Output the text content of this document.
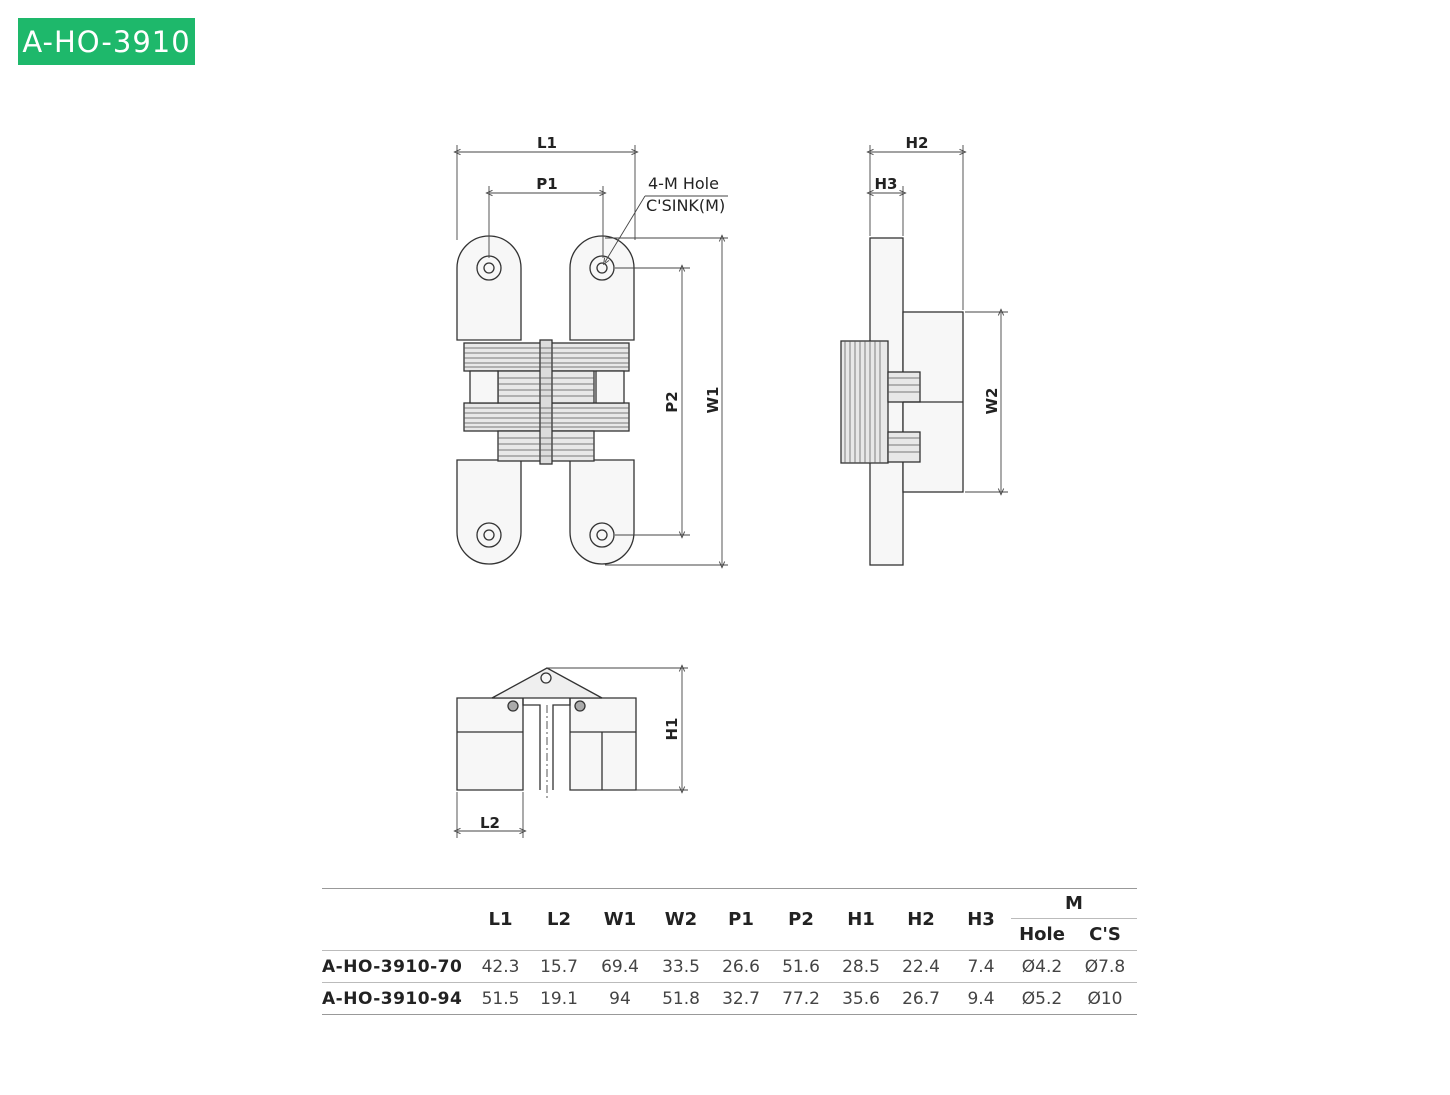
A-HO-3910
L1
P1	4-M Hole
C'SINK(M)
P2 W1
H2
H3
W2
H1
L2
	L1	L2	W1	W2	P1	P2	H1	H2	H3	M	
										Hole	C'S
A-HO-3910-70	42.3	15.7	69.4	33.5	26.6	51.6	28.5	22.4	7.4	Ø4.2	Ø7.8
A-HO-3910-94	51.5	19.1	94	51.8	32.7	77.2	35.6	26.7	9.4	Ø5.2	Ø10
